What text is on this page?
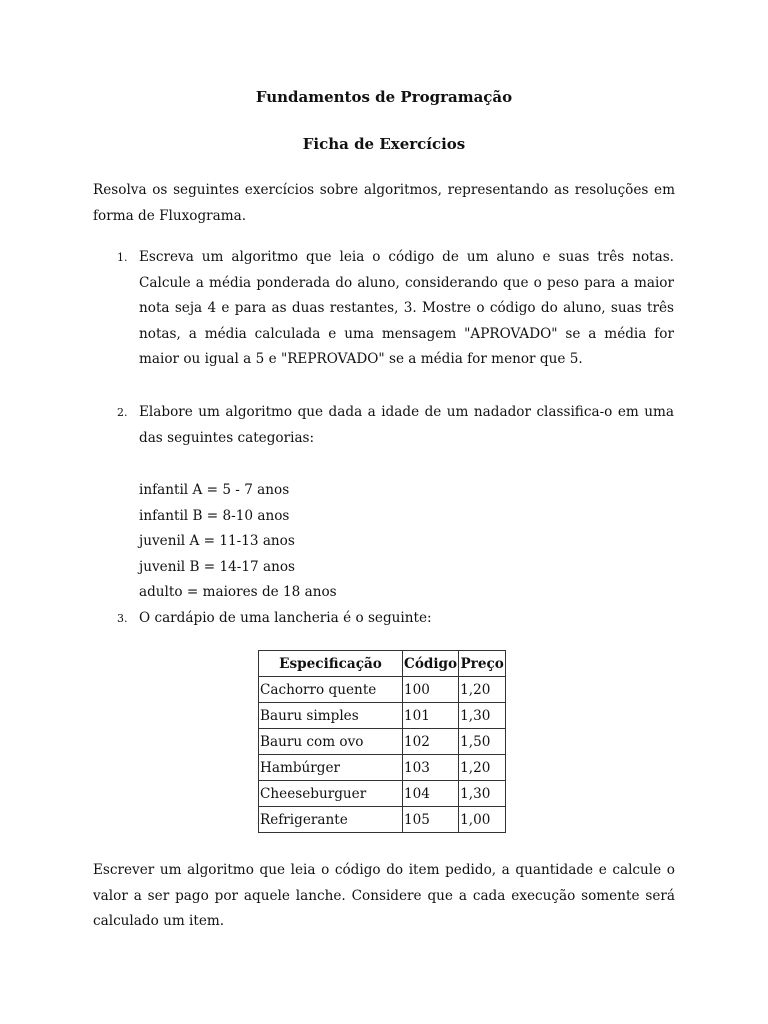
Fundamentos de Programação
Ficha de Exercícios
Resolva os seguintes exercícios sobre algoritmos, representando as resoluções em forma de Fluxograma.
1. Escreva um algoritmo que leia o código de um aluno e suas três notas. Calcule a média ponderada do aluno, considerando que o peso para a maior nota seja 4 e para as duas restantes, 3. Mostre o código do aluno, suas três notas, a média calculada e uma mensagem "APROVADO" se a média for maior ou igual a 5 e "REPROVADO" se a média for menor que 5.
2. Elabore um algoritmo que dada a idade de um nadador classifica-o em uma das seguintes categorias:
infantil A = 5 - 7 anos
infantil B = 8-10 anos
juvenil A = 11-13 anos
juvenil B = 14-17 anos
adulto = maiores de 18 anos
3. O cardápio de uma lancheria é o seguinte:
Especificação	Código	Preço
Cachorro quente	100	1,20
Bauru simples	101	1,30
Bauru com ovo	102	1,50
Hambúrger	103	1,20
Cheeseburguer	104	1,30
Refrigerante	105	1,00
Escrever um algoritmo que leia o código do item pedido, a quantidade e calcule o valor a ser pago por aquele lanche. Considere que a cada execução somente será calculado um item.
